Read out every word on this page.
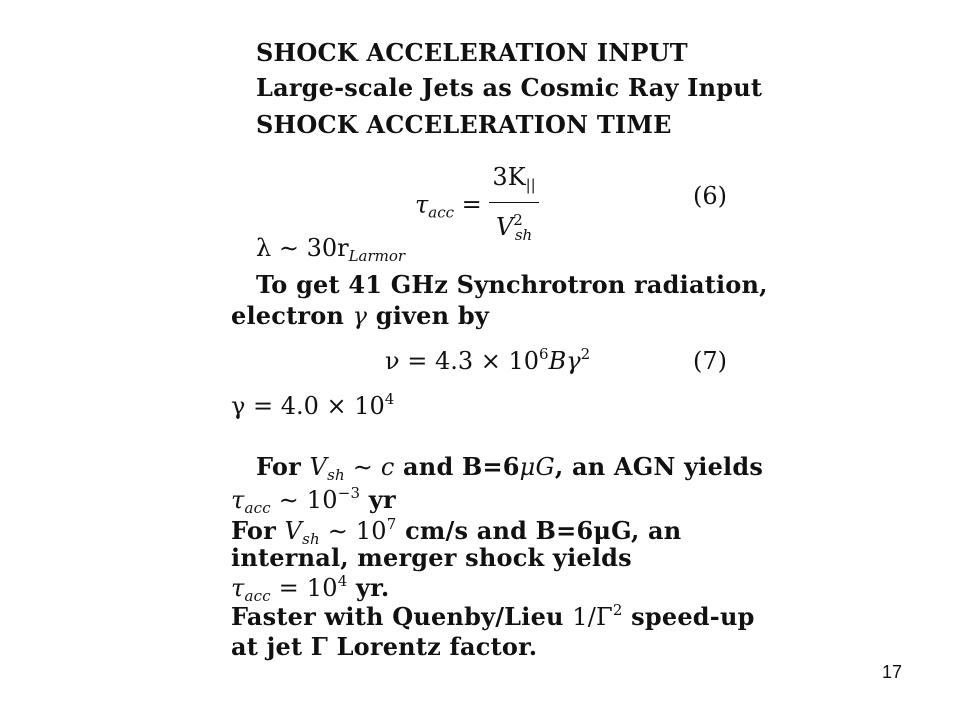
SHOCK ACCELERATION INPUT
Large-scale Jets as Cosmic Ray Input
SHOCK ACCELERATION TIME
$\tau_{acc} = \frac{3K_{||}}{V^2_{sh}}$	(6)
λ ∼ $30r_{Larmor}$
To get 41 GHz Synchrotron radiation,
electron γ given by
$\nu = 4.3 \times 10^6B\gamma^2$	(7)
$\gamma = 4.0 \times 10^4$
For $V_{sh}$ ∼ c and B=6μG, an AGN yields
$\tau_{acc}$ ∼ $10^{-3}$ yr
For $V_{sh}$ ∼ $10^7$ cm/s and B=6μG, an
internal, merger shock yields
$\tau_{acc} = 10^4$ yr.
Faster with Quenby/Lieu $1/\Gamma^2$ speed-up
at jet Γ Lorentz factor.
17
